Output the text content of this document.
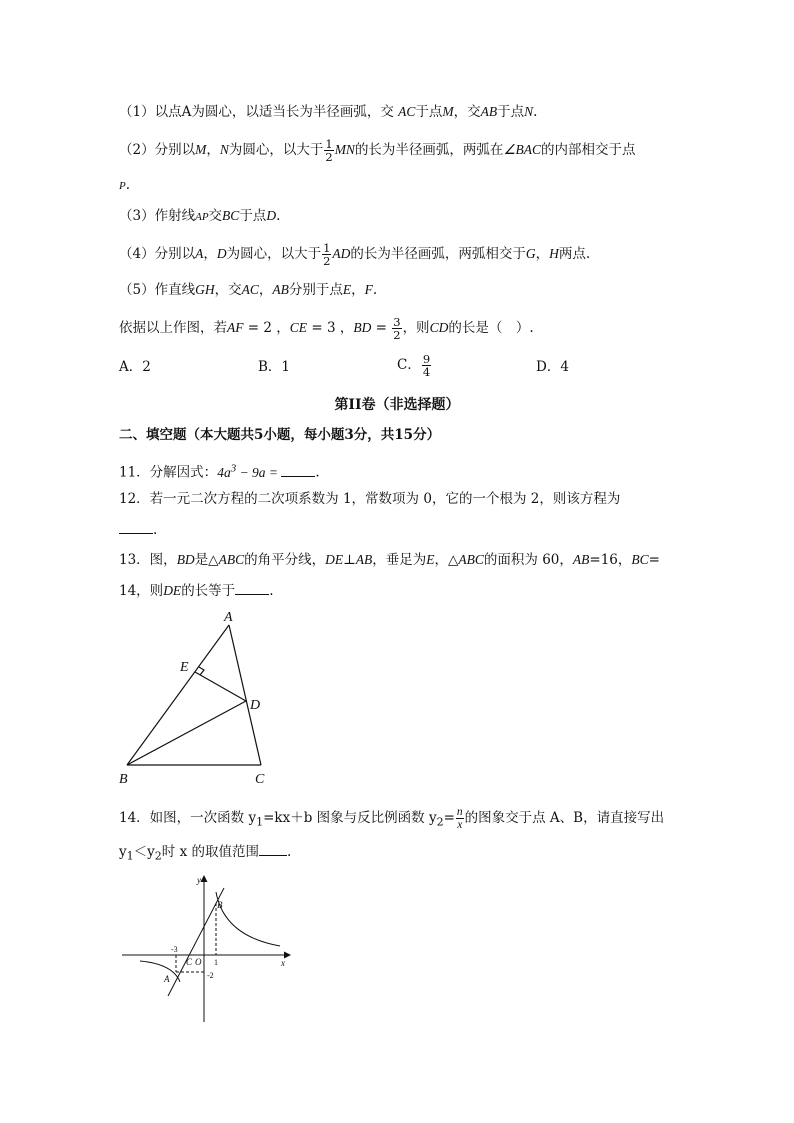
（1）以点A为圆心，以适当长为半径画弧，交 AC于点M，交AB于点N.
（2）分别以M，N为圆心，以大于 $\frac{1}{2}$ MN的长为半径画弧，两弧在∠BAC的内部相交于点
P.
（3）作射线AP交BC于点D.
（4）分别以A，D为圆心，以大于 $\frac{1}{2}$ AD的长为半径画弧，两弧相交于G，H两点.
（5）作直线GH，交AC，AB分别于点E，F.
依据以上作图，若AF = 2 ，CE = 3 ，BD = $\frac{3}{2}$ ，则CD的长是（　）.
A．2	B．1	C． $\frac{9}{4}$	D．4
第II卷（非选择题）
二、填空题（本大题共5小题，每小题3分，共15分）
11．分解因式：$4a^3 - 9a$ =	.
12．若一元二次方程的二次项系数为 1，常数项为 0，它的一个根为 2，则该方程为
.
13．图，BD是△ABC的角平分线，DE⊥AB，垂足为E，△ABC的面积为 60，AB=16，BC=
14，则DE的长等于	.
A
B	C
D
E
14．如图，一次函数 $y_1=kx+b$ 图象与反比例函数 $y_2= \frac{n}{x}$ 的图象交于点 A、B，请直接写出
$y_1<y_2$时 x 的取值范围 .
y
x
B
A
C O
-3
1
-2
